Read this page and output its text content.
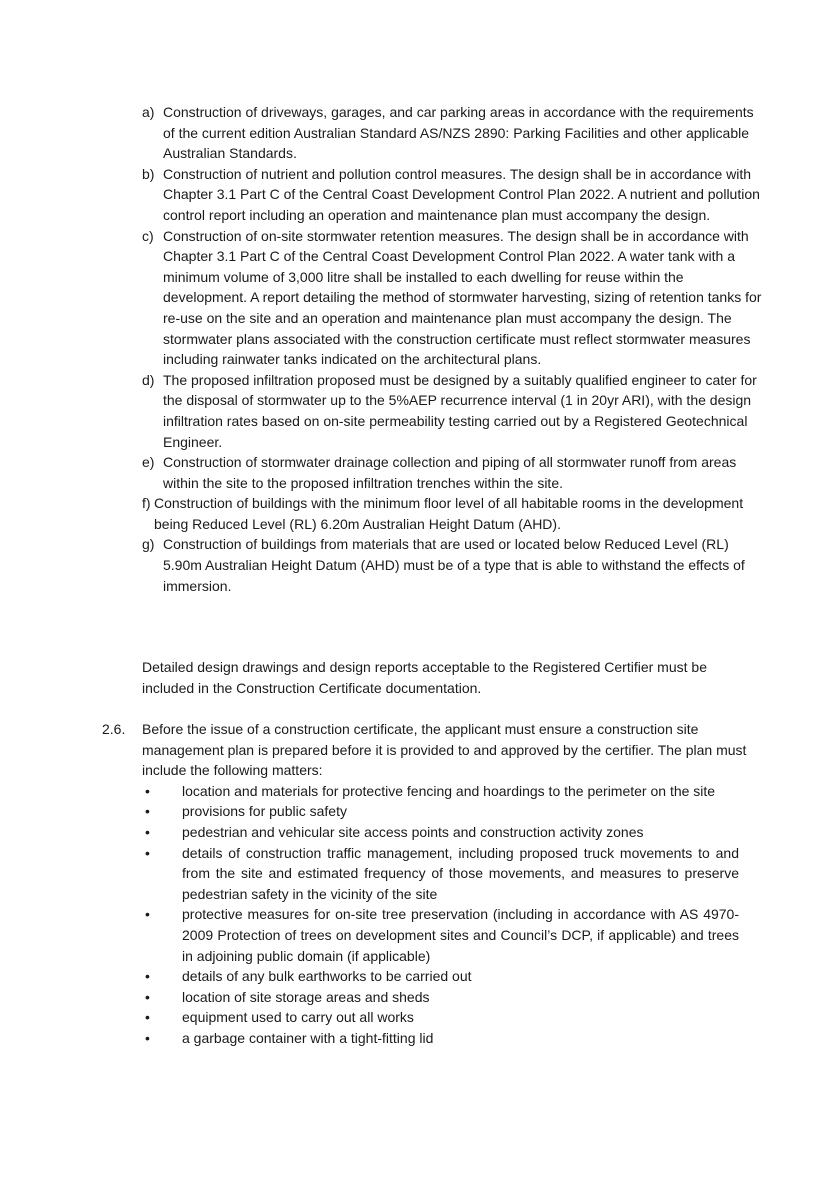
a) Construction of driveways, garages, and car parking areas in accordance with the requirements of the current edition Australian Standard AS/NZS 2890: Parking Facilities and other applicable Australian Standards.
b) Construction of nutrient and pollution control measures. The design shall be in accordance with Chapter 3.1 Part C of the Central Coast Development Control Plan 2022. A nutrient and pollution control report including an operation and maintenance plan must accompany the design.
c) Construction of on-site stormwater retention measures. The design shall be in accordance with Chapter 3.1 Part C of the Central Coast Development Control Plan 2022. A water tank with a minimum volume of 3,000 litre shall be installed to each dwelling for reuse within the development. A report detailing the method of stormwater harvesting, sizing of retention tanks for re-use on the site and an operation and maintenance plan must accompany the design. The stormwater plans associated with the construction certificate must reflect stormwater measures including rainwater tanks indicated on the architectural plans.
d) The proposed infiltration proposed must be designed by a suitably qualified engineer to cater for the disposal of stormwater up to the 5%AEP recurrence interval (1 in 20yr ARI), with the design infiltration rates based on on-site permeability testing carried out by a Registered Geotechnical Engineer.
e) Construction of stormwater drainage collection and piping of all stormwater runoff from areas within the site to the proposed infiltration trenches within the site.
f) Construction of buildings with the minimum floor level of all habitable rooms in the development being Reduced Level (RL) 6.20m Australian Height Datum (AHD).
g) Construction of buildings from materials that are used or located below Reduced Level (RL) 5.90m Australian Height Datum (AHD) must be of a type that is able to withstand the effects of immersion.

Detailed design drawings and design reports acceptable to the Registered Certifier must be included in the Construction Certificate documentation.

2.6. Before the issue of a construction certificate, the applicant must ensure a construction site management plan is prepared before it is provided to and approved by the certifier. The plan must include the following matters:
• location and materials for protective fencing and hoardings to the perimeter on the site
• provisions for public safety
• pedestrian and vehicular site access points and construction activity zones
• details of construction traffic management, including proposed truck movements to and from the site and estimated frequency of those movements, and measures to preserve pedestrian safety in the vicinity of the site
• protective measures for on-site tree preservation (including in accordance with AS 4970-2009 Protection of trees on development sites and Council’s DCP, if applicable) and trees in adjoining public domain (if applicable)
• details of any bulk earthworks to be carried out
• location of site storage areas and sheds
• equipment used to carry out all works
• a garbage container with a tight-fitting lid
